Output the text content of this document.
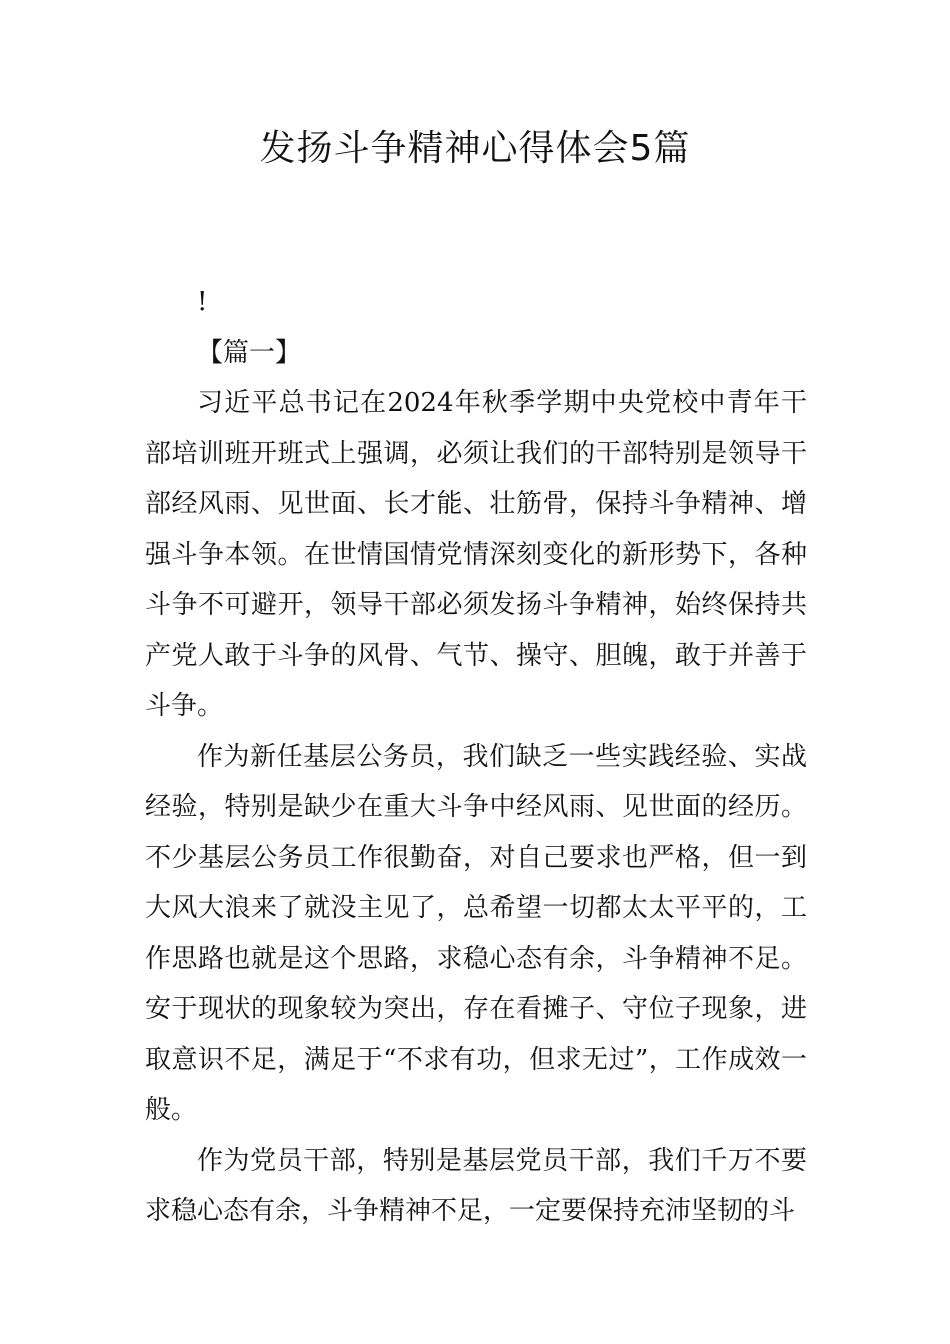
发扬斗争精神心得体会5篇

!

【篇一】

习近平总书记在2024年秋季学期中央党校中青年干部培训班开班式上强调，必须让我们的干部特别是领导干部经风雨、见世面、长才能、壮筋骨，保持斗争精神、增强斗争本领。在世情国情党情深刻变化的新形势下，各种斗争不可避开，领导干部必须发扬斗争精神，始终保持共产党人敢于斗争的风骨、气节、操守、胆魄，敢于并善于斗争。

作为新任基层公务员，我们缺乏一些实践经验、实战经验，特别是缺少在重大斗争中经风雨、见世面的经历。不少基层公务员工作很勤奋，对自己要求也严格，但一到大风大浪来了就没主见了，总希望一切都太太平平的，工作思路也就是这个思路，求稳心态有余，斗争精神不足。安于现状的现象较为突出，存在看摊子、守位子现象，进取意识不足，满足于“不求有功，但求无过”，工作成效一般。

作为党员干部，特别是基层党员干部，我们千万不要求稳心态有余，斗争精神不足，一定要保持充沛坚韧的斗
